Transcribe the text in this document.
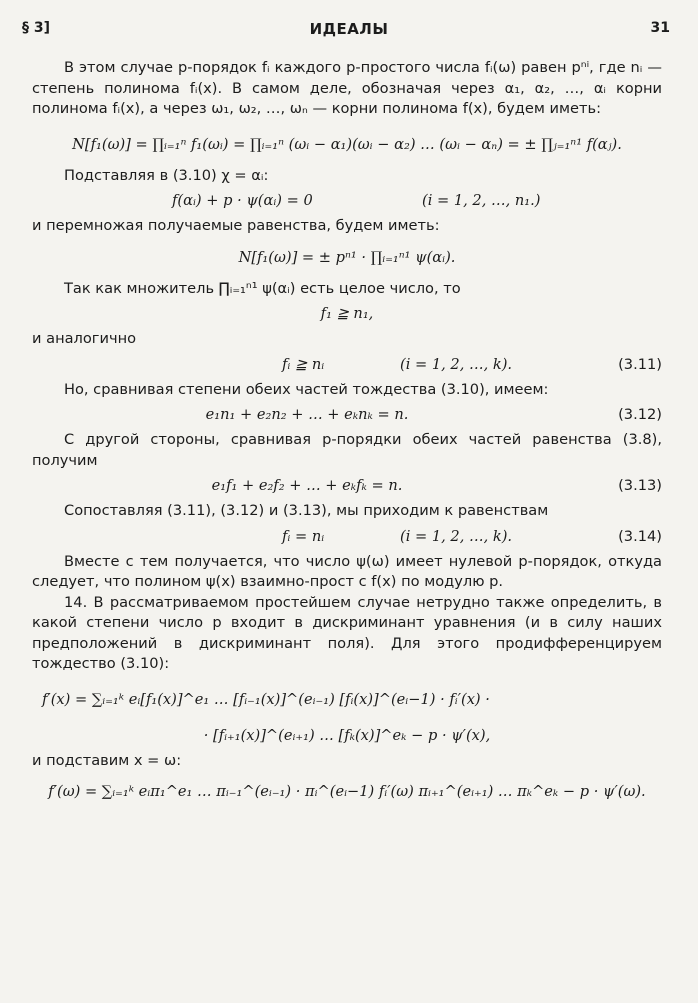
§ 3]	ИДЕАЛЫ	31

В этом случае p-порядок fᵢ каждого p-простого числа fᵢ(ω) равен pⁿⁱ, где nᵢ — степень полинома fᵢ(x). В самом деле, обозначая через α₁, α₂, …, αᵢ корни полинома fᵢ(x), а через ω₁, ω₂, …, ωₙ — корни полинома f(x), будем иметь:

N[f₁(ω)] = ∏ᵢ₌₁ⁿ f₁(ωᵢ) = ∏ᵢ₌₁ⁿ (ωᵢ − α₁)(ωᵢ − α₂) … (ωᵢ − αₙ) = ± ∏ⱼ₌₁ⁿ¹ f(αⱼ).

Подставляя в (3.10) χ = αᵢ:

f(αᵢ) + p · ψ(αᵢ) = 0	(i = 1, 2, …, n₁.)

и перемножая получаемые равенства, будем иметь:

N[f₁(ω)] = ± pⁿ¹ · ∏ᵢ₌₁ⁿ¹ ψ(αᵢ).

Так как множитель ∏ᵢ₌₁ⁿ¹ ψ(αᵢ) есть целое число, то

f₁ ≧ n₁,

и аналогично

fᵢ ≧ nᵢ	(i = 1, 2, …, k).	(3.11)

Но, сравнивая степени обеих частей тождества (3.10), имеем:

e₁n₁ + e₂n₂ + … + eₖnₖ = n.	(3.12)

С другой стороны, сравнивая p-порядки обеих частей равенства (3.8), получим

e₁f₁ + e₂f₂ + … + eₖfₖ = n.	(3.13)

Сопоставляя (3.11), (3.12) и (3.13), мы приходим к равенствам

fᵢ = nᵢ	(i = 1, 2, …, k).	(3.14)

Вместе с тем получается, что число ψ(ω) имеет нулевой p-порядок, откуда следует, что полином ψ(x) взаимно-прост с f(x) по модулю p.

14. В рассматриваемом простейшем случае нетрудно также определить, в какой степени число p входит в дискриминант уравнения (и в силу наших предположений в дискриминант поля). Для этого продифференцируем тождество (3.10):

f′(x) = ∑ᵢ₌₁ᵏ eᵢ[f₁(x)]^e₁ … [fᵢ₋₁(x)]^(eᵢ₋₁) [fᵢ(x)]^(eᵢ−1) · fᵢ′(x) ·
· [fᵢ₊₁(x)]^(eᵢ₊₁) … [fₖ(x)]^eₖ − p · ψ′(x),

и подставим x = ω:

f′(ω) = ∑ᵢ₌₁ᵏ eᵢπ₁^e₁ … πᵢ₋₁^(eᵢ₋₁) · πᵢ^(eᵢ−1) fᵢ′(ω) πᵢ₊₁^(eᵢ₊₁) … πₖ^eₖ − p · ψ′(ω).
